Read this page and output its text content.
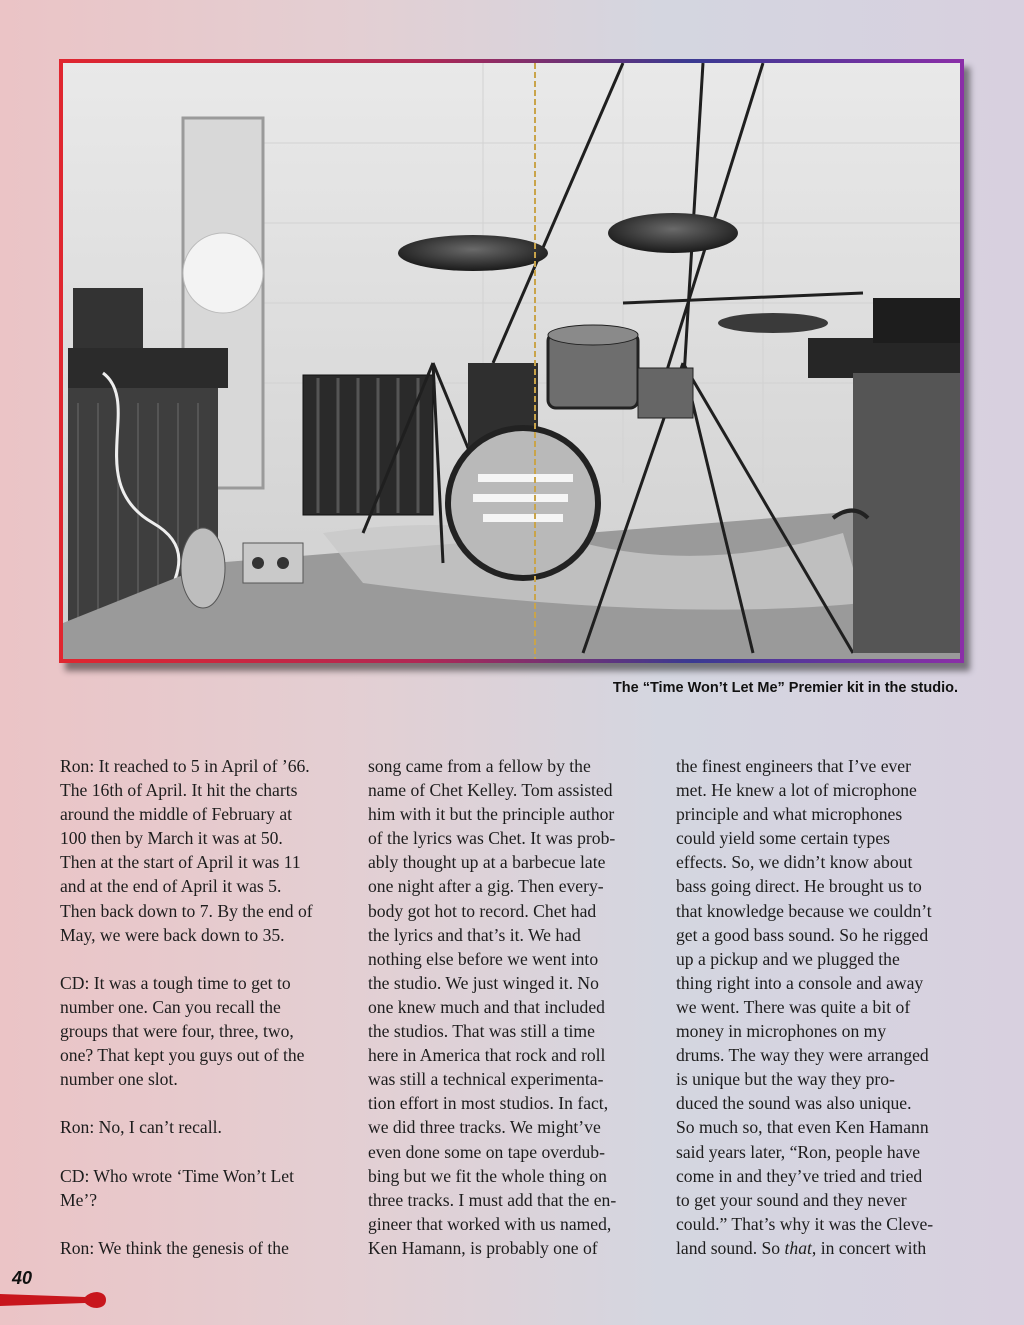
The “Time Won’t Let Me” Premier kit in the studio.
Ron: It reached to 5 in April of ’66.
The 16th of April. It hit the charts
around the middle of February at
100 then by March it was at 50.
Then at the start of April it was 11
and at the end of April it was 5.
Then back down to 7. By the end of
May, we were back down to 35.
CD: It was a tough time to get to
number one. Can you recall the
groups that were four, three, two,
one? That kept you guys out of the
number one slot.
Ron: No, I can’t recall.
CD: Who wrote ‘Time Won’t Let
Me’?
Ron: We think the genesis of the
song came from a fellow by the
name of Chet Kelley. Tom assisted
him with it but the principle author
of the lyrics was Chet. It was prob-
ably thought up at a barbecue late
one night after a gig. Then every-
body got hot to record. Chet had
the lyrics and that’s it. We had
nothing else before we went into
the studio. We just winged it. No
one knew much and that included
the studios. That was still a time
here in America that rock and roll
was still a technical experimenta-
tion effort in most studios. In fact,
we did three tracks. We might’ve
even done some on tape overdub-
bing but we fit the whole thing on
three tracks. I must add that the en-
gineer that worked with us named,
Ken Hamann, is probably one of
the finest engineers that I’ve ever
met. He knew a lot of microphone
principle and what microphones
could yield some certain types
effects. So, we didn’t know about
bass going direct. He brought us to
that knowledge because we couldn’t
get a good bass sound. So he rigged
up a pickup and we plugged the
thing right into a console and away
we went. There was quite a bit of
money in microphones on my
drums. The way they were arranged
is unique but the way they pro-
duced the sound was also unique.
So much so, that even Ken Hamann
said years later, “Ron, people have
come in and they’ve tried and tried
to get your sound and they never
could.” That’s why it was the Cleve-
land sound. So that, in concert with
40
